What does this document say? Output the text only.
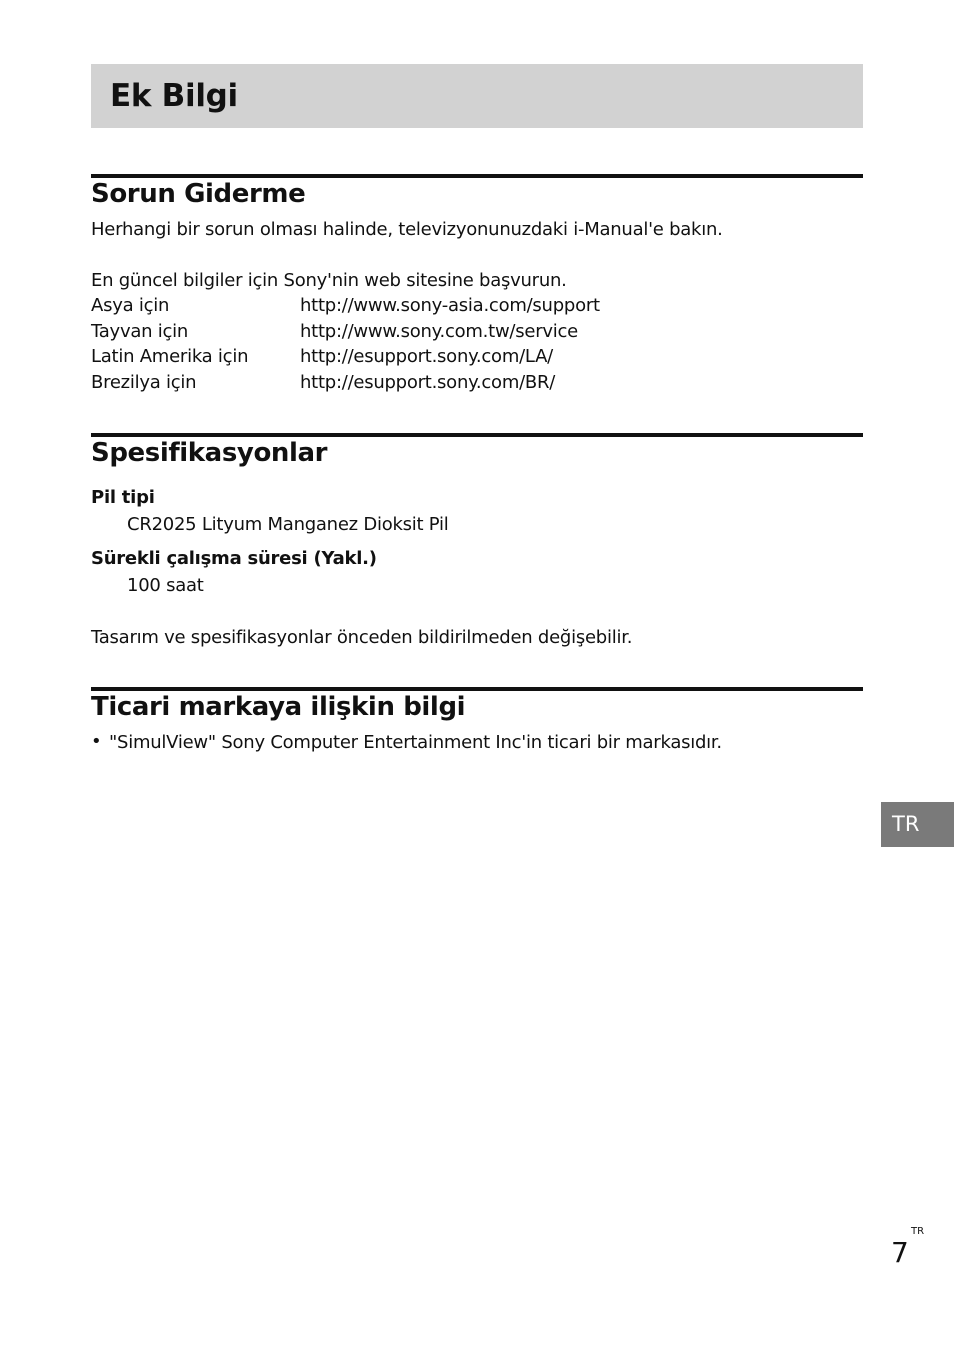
Ek Bilgi
Sorun Giderme

Herhangi bir sorun olması halinde, televizyonunuzdaki i-Manual'e bakın.

En güncel bilgiler için Sony'nin web sitesine başvurun.

Asya için	http://www.sony-asia.com/support
Tayvan için	http://www.sony.com.tw/service
Latin Amerika için	http://esupport.sony.com/LA/
Brezilya için	http://esupport.sony.com/BR/
Spesifikasyonlar

Pil tipi

CR2025 Lityum Manganez Dioksit Pil

Sürekli çalışma süresi (Yakl.)

100 saat

Tasarım ve spesifikasyonlar önceden bildirilmeden değişebilir.

Ticari markaya ilişkin bilgi
• "SimulView" Sony Computer Entertainment Inc'in ticari bir markasıdır.

TR
7
TR
